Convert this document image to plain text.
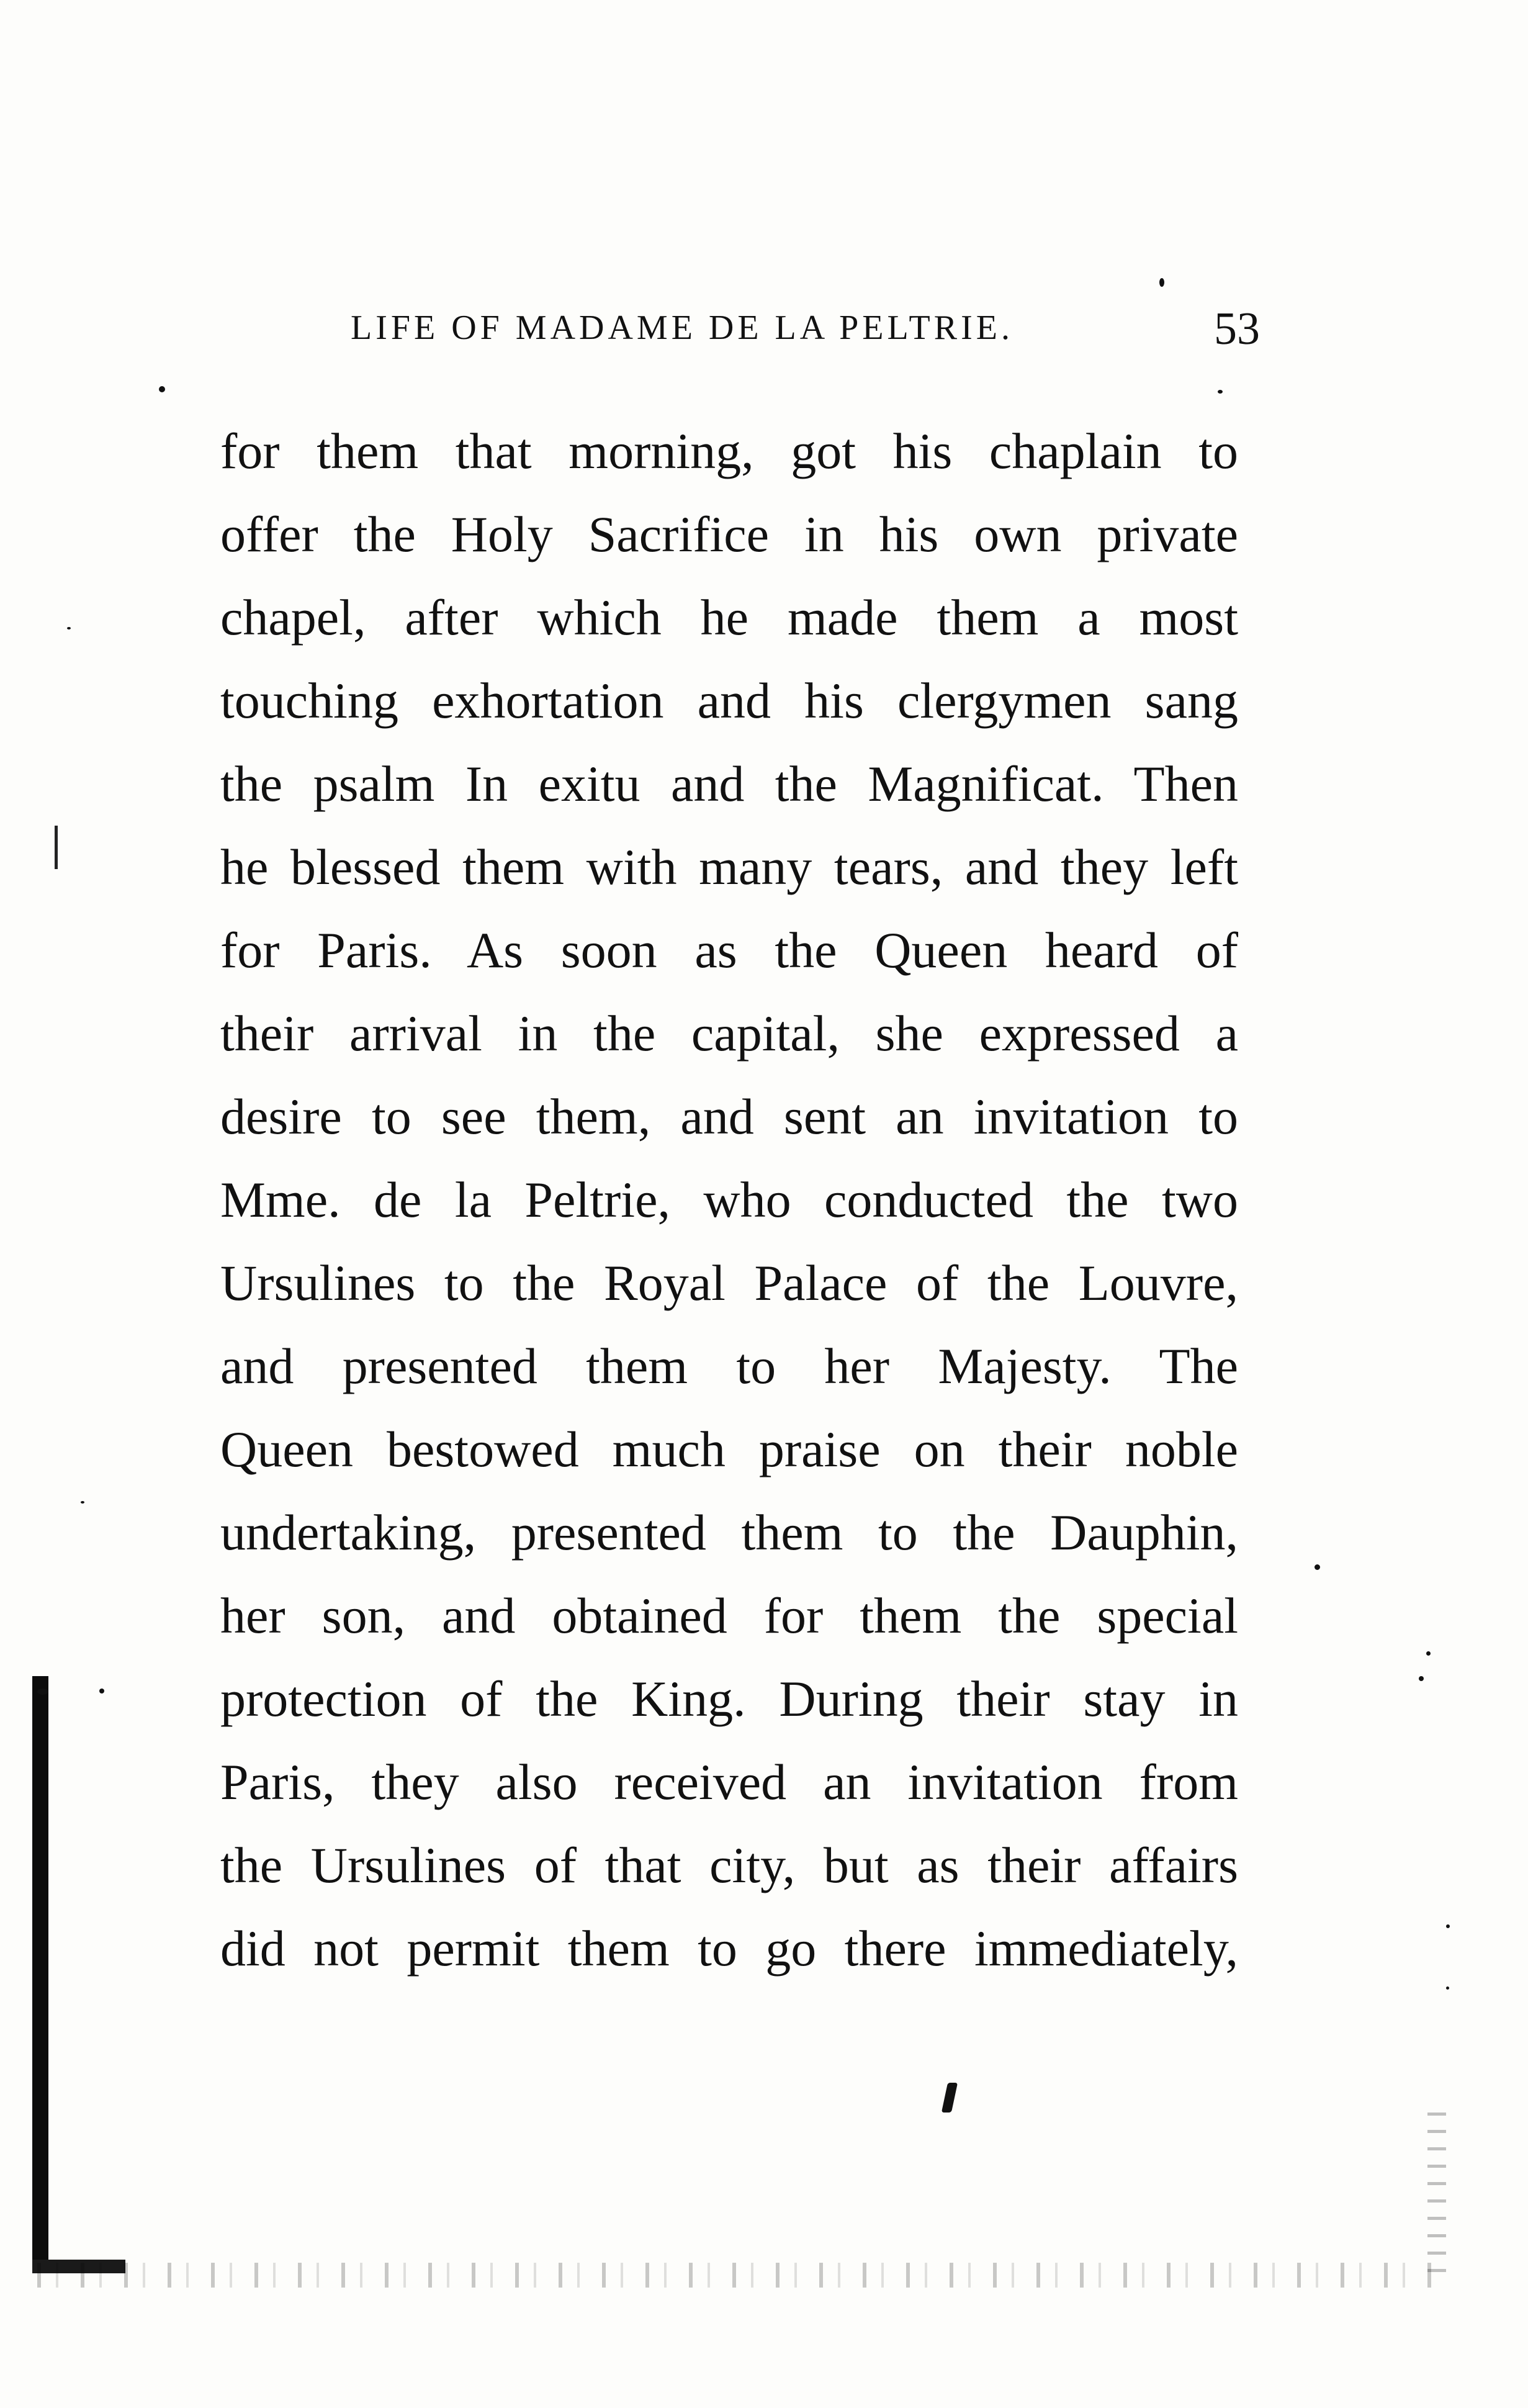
LIFE OF MADAME DE LA PELTRIE.	53
for them that morning, got his chaplain to
offer the Holy Sacrifice in his own private
chapel, after which he made them a most
touching exhortation and his clergymen sang
the psalm In exitu and the Magnificat. Then
he blessed them with many tears, and they left
for Paris. As soon as the Queen heard of
their arrival in the capital, she expressed a
desire to see them, and sent an invitation to
Mme. de la Peltrie, who conducted the two
Ursulines to the Royal Palace of the Louvre,
and presented them to her Majesty. The
Queen bestowed much praise on their noble
undertaking, presented them to the Dauphin,
her son, and obtained for them the special
protection of the King. During their stay in
Paris, they also received an invitation from
the Ursulines of that city, but as their affairs
did not permit them to go there immediately,
